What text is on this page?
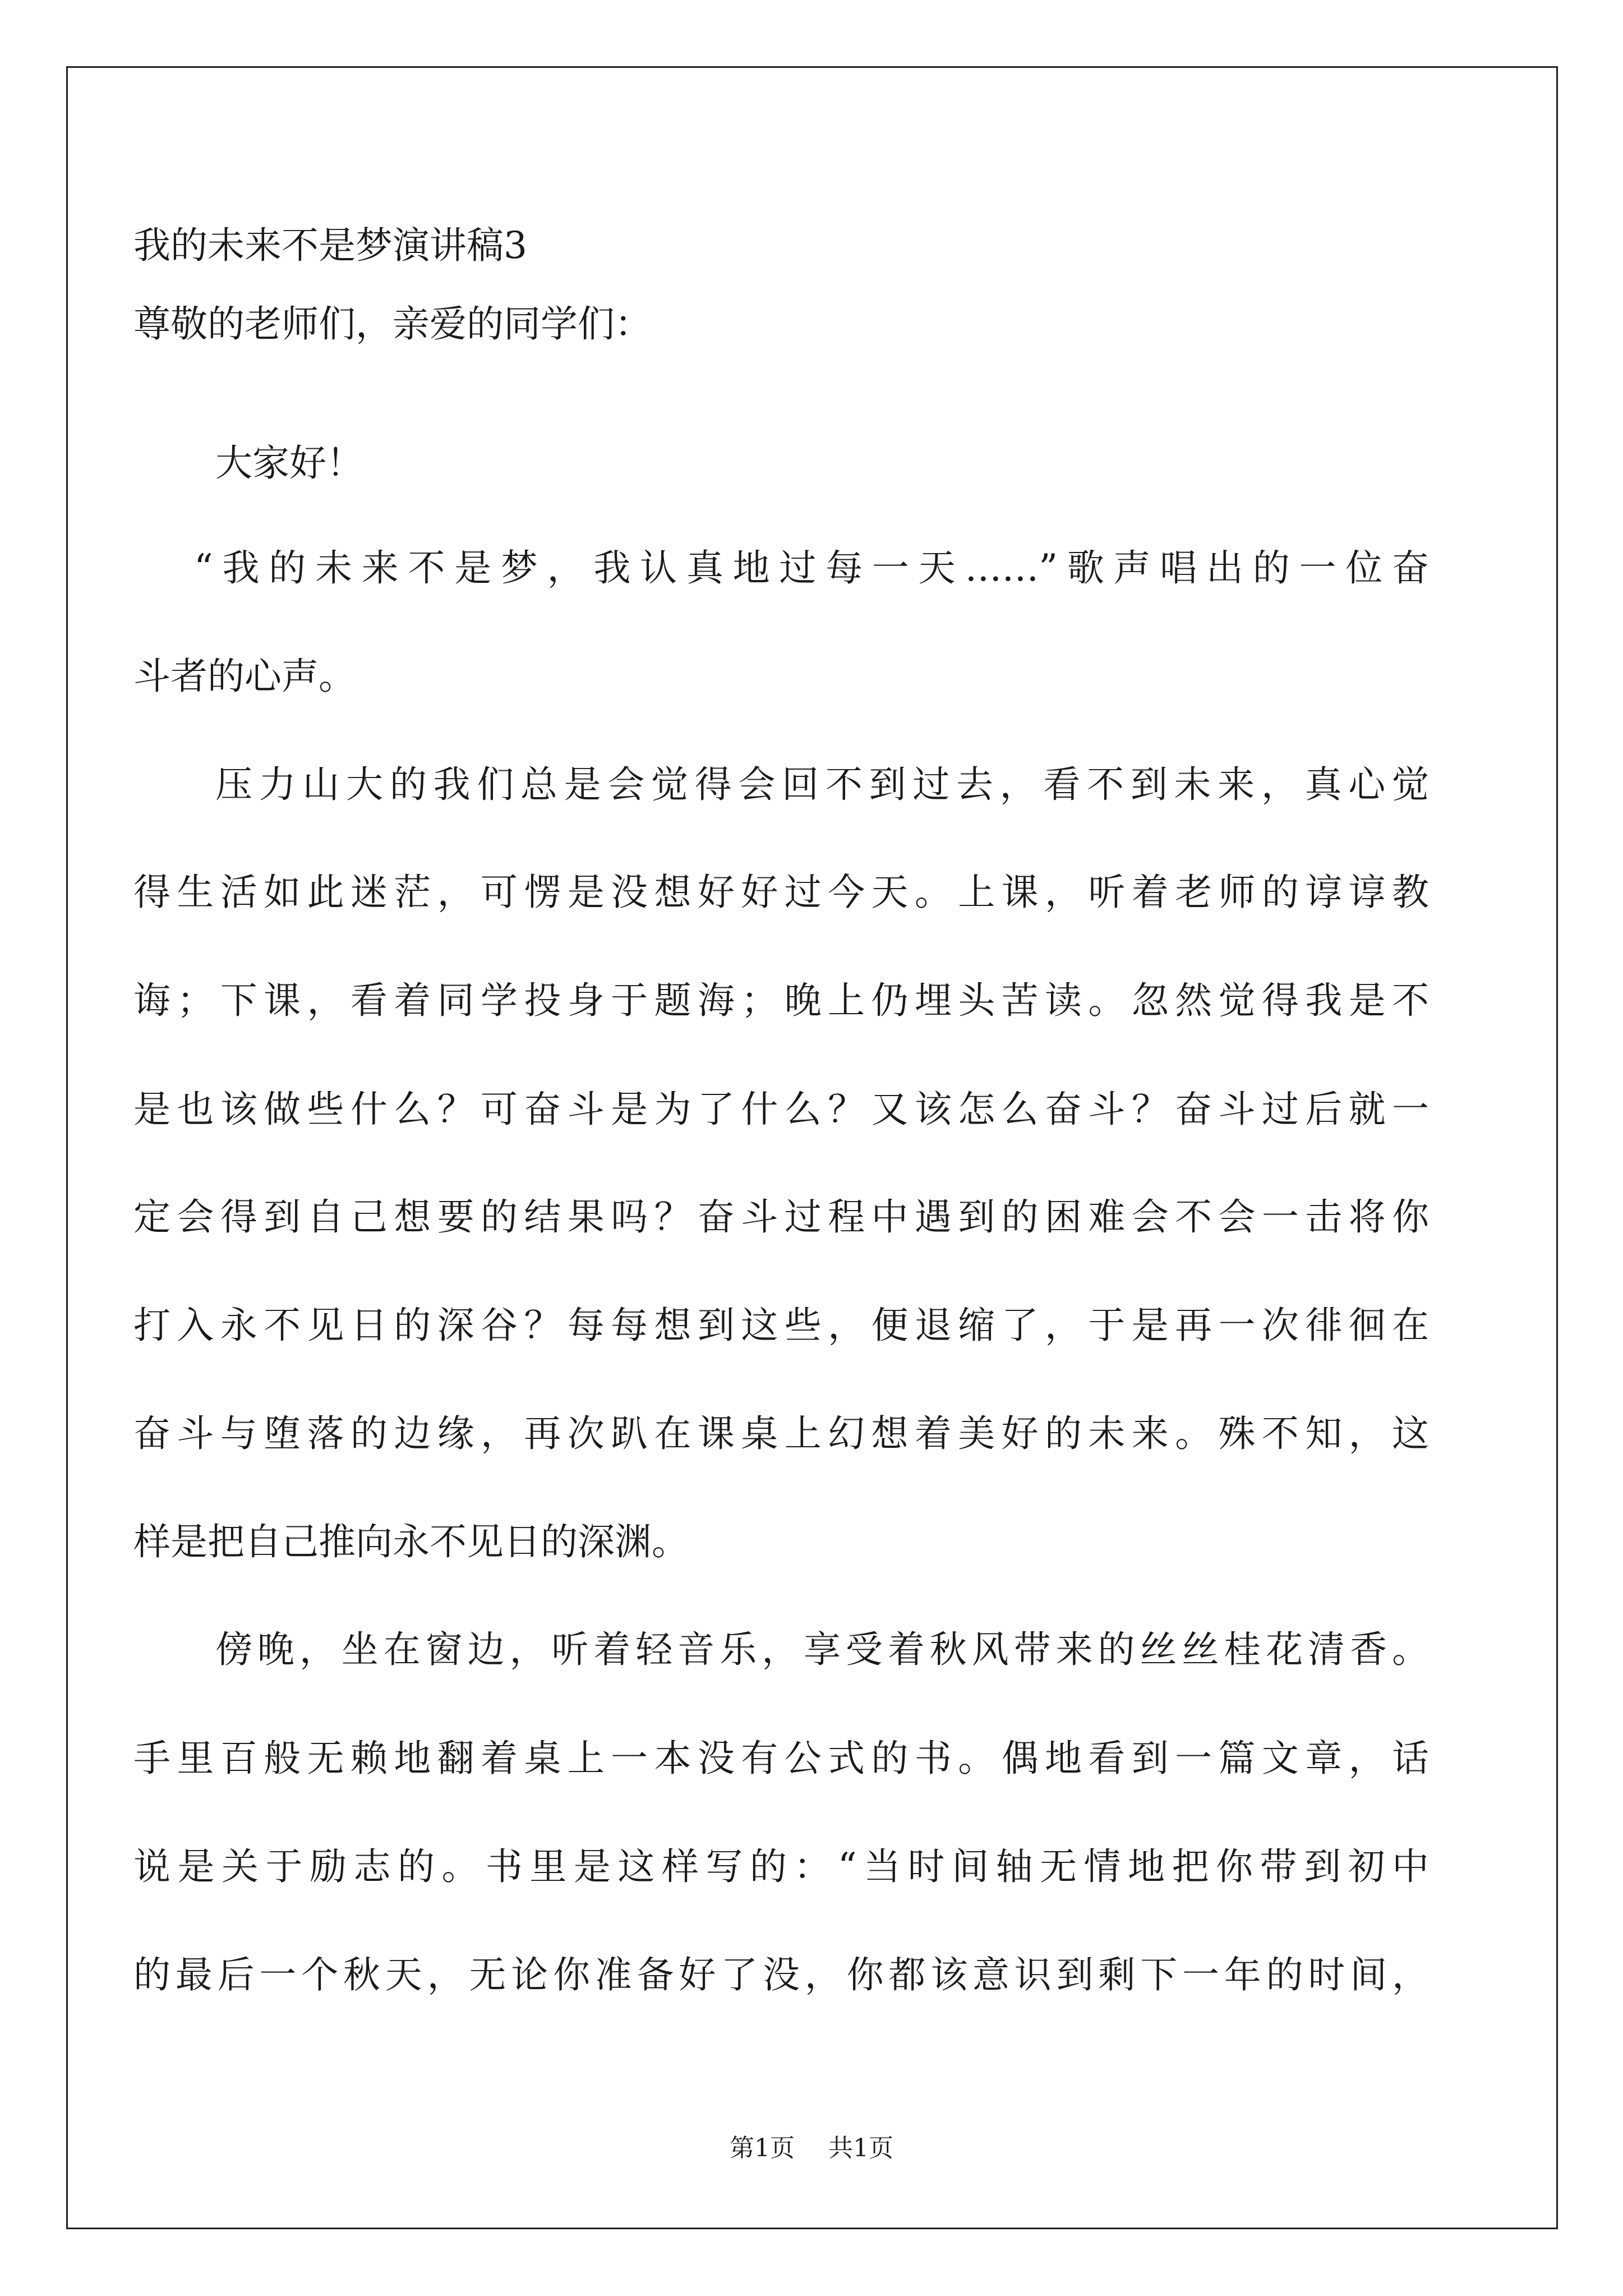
我的未来不是梦演讲稿3
尊敬的老师们，亲爱的同学们：
大家好！
“我的未来不是梦，我认真地过每一天……”歌声唱出的一位奋
斗者的心声。
压力山大的我们总是会觉得会回不到过去，看不到未来，真心觉
得生活如此迷茫，可愣是没想好好过今天。上课，听着老师的谆谆教
诲；下课，看着同学投身于题海；晚上仍埋头苦读。忽然觉得我是不
是也该做些什么？可奋斗是为了什么？又该怎么奋斗？奋斗过后就一
定会得到自己想要的结果吗？奋斗过程中遇到的困难会不会一击将你
打入永不见日的深谷？每每想到这些，便退缩了，于是再一次徘徊在
奋斗与堕落的边缘，再次趴在课桌上幻想着美好的未来。殊不知，这
样是把自己推向永不见日的深渊。
傍晚，坐在窗边，听着轻音乐，享受着秋风带来的丝丝桂花清香。
手里百般无赖地翻着桌上一本没有公式的书。偶地看到一篇文章，话
说是关于励志的。书里是这样写的：“当时间轴无情地把你带到初中
的最后一个秋天，无论你准备好了没，你都该意识到剩下一年的时间，
第1页 共1页
